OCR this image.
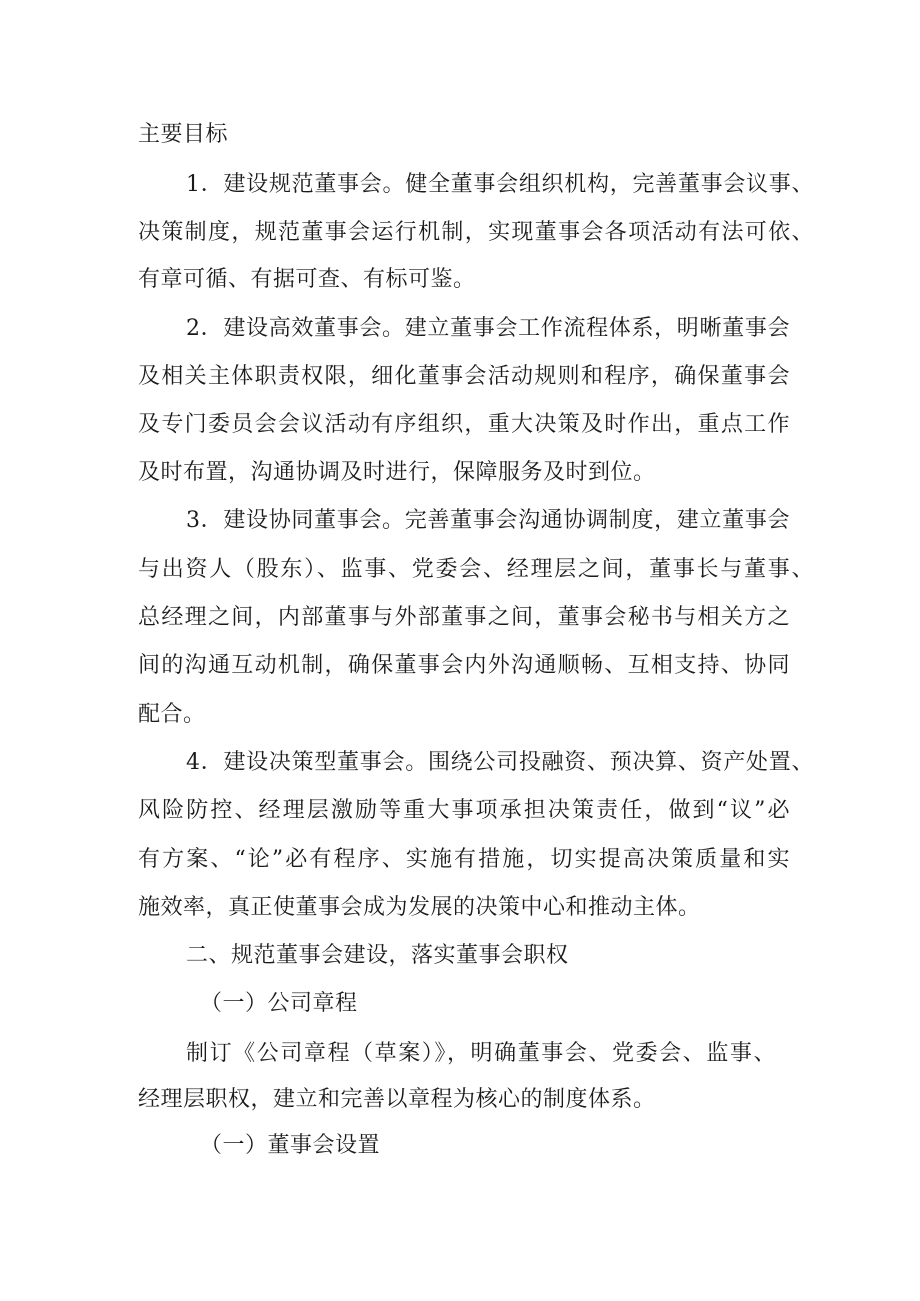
主要目标
1．建设规范董事会。健全董事会组织机构，完善董事会议事、
决策制度，规范董事会运行机制，实现董事会各项活动有法可依、
有章可循、有据可查、有标可鉴。
2．建设高效董事会。建立董事会工作流程体系，明晰董事会
及相关主体职责权限，细化董事会活动规则和程序，确保董事会
及专门委员会会议活动有序组织，重大决策及时作出，重点工作
及时布置，沟通协调及时进行，保障服务及时到位。
3．建设协同董事会。完善董事会沟通协调制度，建立董事会
与出资人（股东）、监事、党委会、经理层之间，董事长与董事、
总经理之间，内部董事与外部董事之间，董事会秘书与相关方之
间的沟通互动机制，确保董事会内外沟通顺畅、互相支持、协同
配合。
4．建设决策型董事会。围绕公司投融资、预决算、资产处置、
风险防控、经理层激励等重大事项承担决策责任，做到“议”必
有方案、“论”必有程序、实施有措施，切实提高决策质量和实
施效率，真正使董事会成为发展的决策中心和推动主体。
二、规范董事会建设，落实董事会职权
（一）公司章程
制订《公司章程（草案）》，明确董事会、党委会、监事、
经理层职权，建立和完善以章程为核心的制度体系。
（一）董事会设置
